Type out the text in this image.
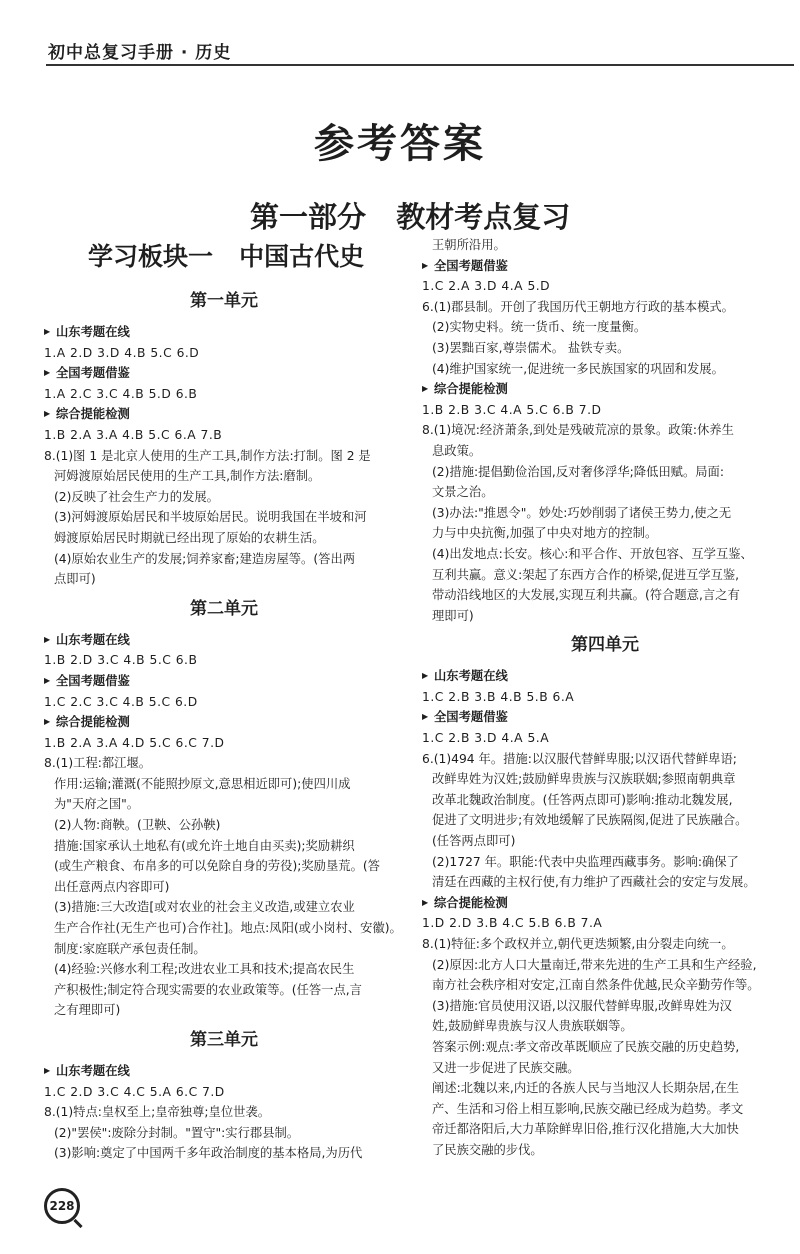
初中总复习手册 · 历史
参考答案
第一部分   教材考点复习
学习板块一   中国古代史
第一单元
▶ 山东考题在线
1.A 2.D 3.D 4.B 5.C 6.D
▶ 全国考题借鉴
1.A 2.C 3.C 4.B 5.D 6.B
▶ 综合提能检测
1.B 2.A 3.A 4.B 5.C 6.A 7.B
8.(1)图 1 是北京人使用的生产工具,制作方法:打制。图 2 是
河姆渡原始居民使用的生产工具,制作方法:磨制。
(2)反映了社会生产力的发展。
(3)河姆渡原始居民和半坡原始居民。说明我国在半坡和河
姆渡原始居民时期就已经出现了原始的农耕生活。
(4)原始农业生产的发展;饲养家畜;建造房屋等。(答出两
点即可)
第二单元
▶ 山东考题在线
1.B 2.D 3.C 4.B 5.C 6.B
▶ 全国考题借鉴
1.C 2.C 3.C 4.B 5.C 6.D
▶ 综合提能检测
1.B 2.A 3.A 4.D 5.C 6.C 7.D
8.(1)工程:都江堰。
作用:运输;灌溉(不能照抄原文,意思相近即可);使四川成
为"天府之国"。
(2)人物:商鞅。(卫鞅、公孙鞅)
措施:国家承认土地私有(或允许土地自由买卖);奖励耕织
(或生产粮食、布帛多的可以免除自身的劳役);奖励垦荒。(答
出任意两点内容即可)
(3)措施:三大改造[或对农业的社会主义改造,或建立农业
生产合作社(无生产也可)合作社]。地点:凤阳(或小岗村、安徽)。
制度:家庭联产承包责任制。
(4)经验:兴修水利工程;改进农业工具和技术;提高农民生
产积极性;制定符合现实需要的农业政策等。(任答一点,言
之有理即可)
第三单元
▶ 山东考题在线
1.C 2.D 3.C 4.C 5.A 6.C 7.D
8.(1)特点:皇权至上;皇帝独尊;皇位世袭。
(2)"罢侯":废除分封制。"置守":实行郡县制。
(3)影响:奠定了中国两千多年政治制度的基本格局,为历代
王朝所沿用。
▶ 全国考题借鉴
1.C 2.A 3.D 4.A 5.D
6.(1)郡县制。开创了我国历代王朝地方行政的基本模式。
(2)实物史料。统一货币、统一度量衡。
(3)罢黜百家,尊崇儒术。 盐铁专卖。
(4)维护国家统一,促进统一多民族国家的巩固和发展。
▶ 综合提能检测
1.B 2.B 3.C 4.A 5.C 6.B 7.D
8.(1)境况:经济萧条,到处是残破荒凉的景象。政策:休养生
息政策。
(2)措施:提倡勤俭治国,反对奢侈浮华;降低田赋。局面:
文景之治。
(3)办法:"推恩令"。妙处:巧妙削弱了诸侯王势力,使之无
力与中央抗衡,加强了中央对地方的控制。
(4)出发地点:长安。核心:和平合作、开放包容、互学互鉴、
互利共赢。意义:架起了东西方合作的桥梁,促进互学互鉴,
带动沿线地区的大发展,实现互利共赢。(符合题意,言之有
理即可)
第四单元
▶ 山东考题在线
1.C 2.B 3.B 4.B 5.B 6.A
▶ 全国考题借鉴
1.C 2.B 3.D 4.A 5.A
6.(1)494 年。措施:以汉服代替鲜卑服;以汉语代替鲜卑语;
改鲜卑姓为汉姓;鼓励鲜卑贵族与汉族联姻;参照南朝典章
改革北魏政治制度。(任答两点即可)影响:推动北魏发展,
促进了文明进步;有效地缓解了民族隔阂,促进了民族融合。
(任答两点即可)
(2)1727 年。职能:代表中央监理西藏事务。影响:确保了
清廷在西藏的主权行使,有力维护了西藏社会的安定与发展。
▶ 综合提能检测
1.D 2.D 3.B 4.C 5.B 6.B 7.A
8.(1)特征:多个政权并立,朝代更迭频繁,由分裂走向统一。
(2)原因:北方人口大量南迁,带来先进的生产工具和生产经验,
南方社会秩序相对安定,江南自然条件优越,民众辛勤劳作等。
(3)措施:官员使用汉语,以汉服代替鲜卑服,改鲜卑姓为汉
姓,鼓励鲜卑贵族与汉人贵族联姻等。
答案示例:观点:孝文帝改革既顺应了民族交融的历史趋势,
又进一步促进了民族交融。
阐述:北魏以来,内迁的各族人民与当地汉人长期杂居,在生
产、生活和习俗上相互影响,民族交融已经成为趋势。孝文
帝迁都洛阳后,大力革除鲜卑旧俗,推行汉化措施,大大加快
了民族交融的步伐。
228
